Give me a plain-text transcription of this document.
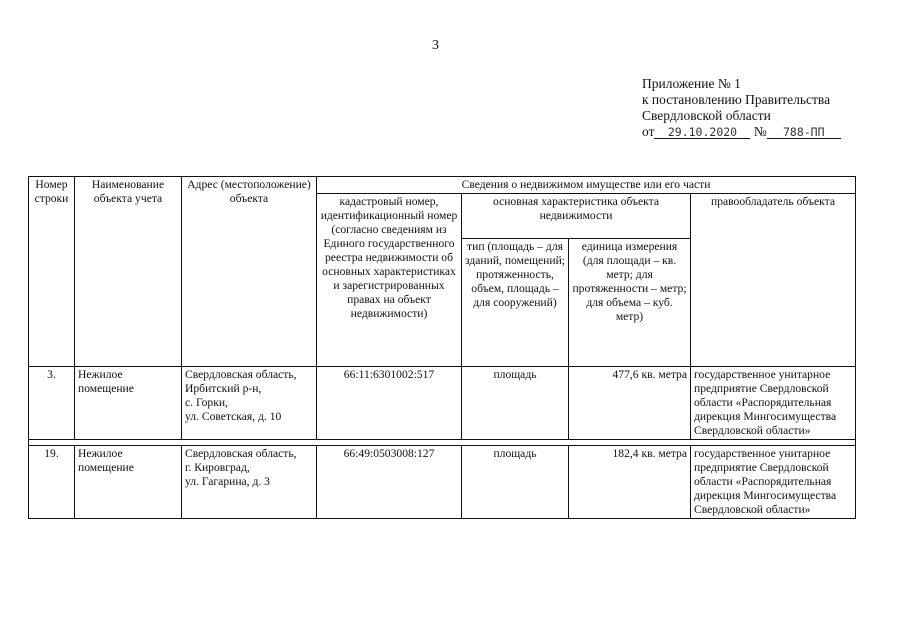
3
Приложение № 1
к постановлению Правительства
Свердловской области
от 29.10.2020 № 788-ПП
Номер строки	Наименование объекта учета	Адрес (местоположение) объекта	Сведения о недвижимом имуществе или его части			
			кадастровый номер, идентификационный номер (согласно сведениям из Единого государственного реестра недвижимости об основных характеристиках и зарегистрированных правах на объект недвижимости)	основная характеристика объекта недвижимости		правообладатель объекта
				тип (площадь – для зданий, помещений; протяженность, объем, площадь – для сооружений)	единица измерения (для площади – кв. метр; для протяженности – метр; для объема – куб. метр)	
3.	Нежилое помещение	Свердловская область,
Ирбитский р-н,
с. Горки,
ул. Советская, д. 10	66:11:6301002:517	площадь	477,6 кв. метра	государственное унитарное предприятие Свердловской области «Распорядительная дирекция Мингосимущества Свердловской области»

19.	Нежилое помещение	Свердловская область,
г. Кировград,
ул. Гагарина, д. 3	66:49:0503008:127	площадь	182,4 кв. метра	государственное унитарное предприятие Свердловской области «Распорядительная дирекция Мингосимущества Свердловской области»
